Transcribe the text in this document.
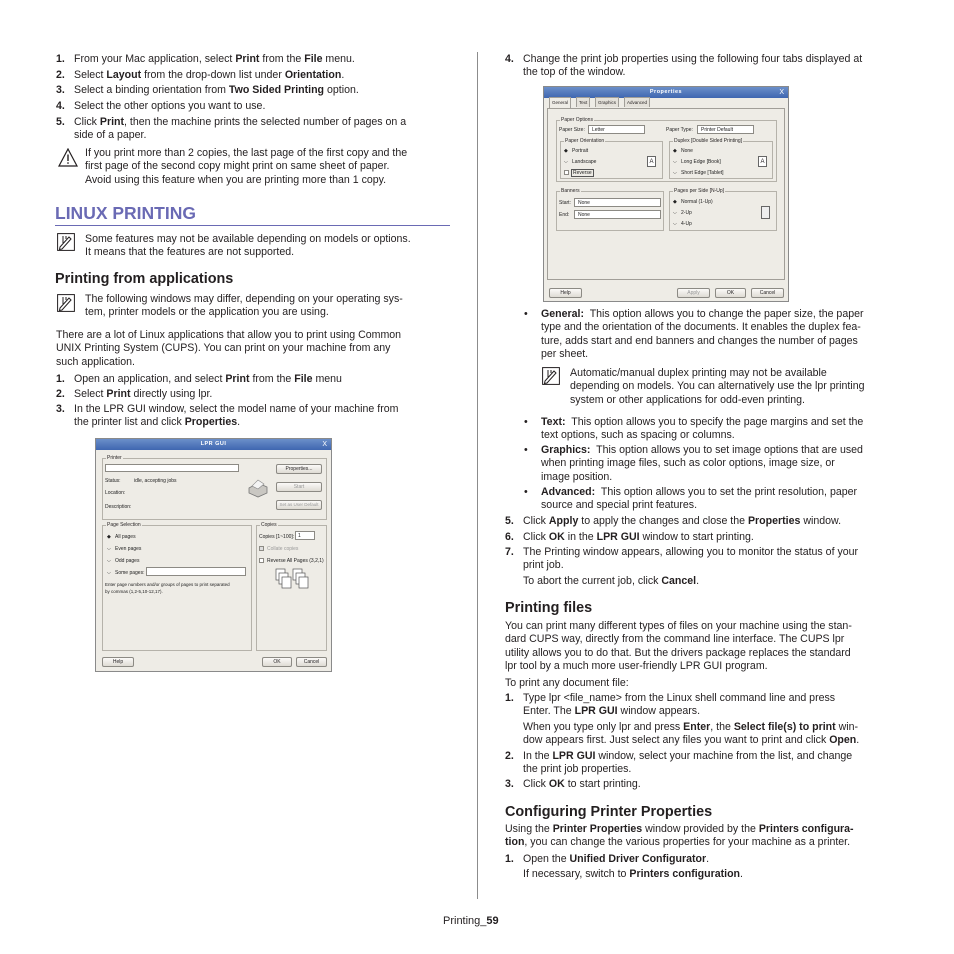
1. From your Mac application, select Print from the File menu.
2. Select Layout from the drop-down list under Orientation.
3. Select a binding orientation from Two Sided Printing option.
4. Select the other options you want to use.
5. Click Print, then the machine prints the selected number of pages on a
side of a paper.
If you print more than 2 copies, the last page of the first copy and the
first page of the second copy might print on same sheet of paper.
Avoid using this feature when you are printing more than 1 copy.
LINUX PRINTING
Some features may not be available depending on models or options.
It means that the features are not supported.
Printing from applications
The following windows may differ, depending on your operating sys-
tem, printer models or the application you are using.
There are a lot of Linux applications that allow you to print using Common
UNIX Printing System (CUPS). You can print on your machine from any
such application.
1. Open an application, and select Print from the File menu
2. Select Print directly using lpr.
3. In the LPR GUI window, select the model name of your machine from
the printer list and click Properties.
LPR GUI	X
Printer
Properties...
Status:	idle, accepting jobs
Start
Location:
Description:	Set as User Default
Page Selection
◆ All pages
⌵ Even pages
⌵ Odd pages
⌵ Some pages:
Enter page numbers and/or groups of pages to print separated
by commas (1,2-5,10-12,17).
Copies
Copies [1~100]: 1
Collate copies
Reverse All Pages (3,2,1)
Help	OK	Cancel
4. Change the print job properties using the following four tabs displayed at
the top of the window.
Properties	X
General	Text	Graphics	Advanced
Paper Options
Paper Size: Letter	Paper Type: Printer Default
Paper Orientation
◆ Portrait
⌵ Landscape
Reverse
A
Duplex [Double Sided Printing]
◆ None
⌵ Long Edge [Book]
⌵ Short Edge [Tablet]
A
Banners
Start: None
End: None
Pages per Side [N-Up]
◆ Normal (1-Up)
⌵ 2-Up
⌵ 4-Up
Help	Apply	OK	Cancel
• General: This option allows you to change the paper size, the paper
type and the orientation of the documents. It enables the duplex fea-
ture, adds start and end banners and changes the number of pages
per sheet.
Automatic/manual duplex printing may not be available
depending on models. You can alternatively use the lpr printing
system or other applications for odd-even printing.
• Text: This option allows you to specify the page margins and set the
text options, such as spacing or columns.
• Graphics: This option allows you to set image options that are used
when printing image files, such as color options, image size, or
image position.
• Advanced: This option allows you to set the print resolution, paper
source and special print features.
5. Click Apply to apply the changes and close the Properties window.
6. Click OK in the LPR GUI window to start printing.
7. The Printing window appears, allowing you to monitor the status of your
print job.
To abort the current job, click Cancel.
Printing files
You can print many different types of files on your machine using the stan-
dard CUPS way, directly from the command line interface. The CUPS lpr
utility allows you to do that. But the drivers package replaces the standard
lpr tool by a much more user-friendly LPR GUI program.
To print any document file:
1. Type lpr <file_name> from the Linux shell command line and press
Enter. The LPR GUI window appears.
When you type only lpr and press Enter, the Select file(s) to print win-
dow appears first. Just select any files you want to print and click Open.
2. In the LPR GUI window, select your machine from the list, and change
the print job properties.
3. Click OK to start printing.
Configuring Printer Properties
Using the Printer Properties window provided by the Printers configura-
tion, you can change the various properties for your machine as a printer.
1. Open the Unified Driver Configurator.
If necessary, switch to Printers configuration.
Printing_59
